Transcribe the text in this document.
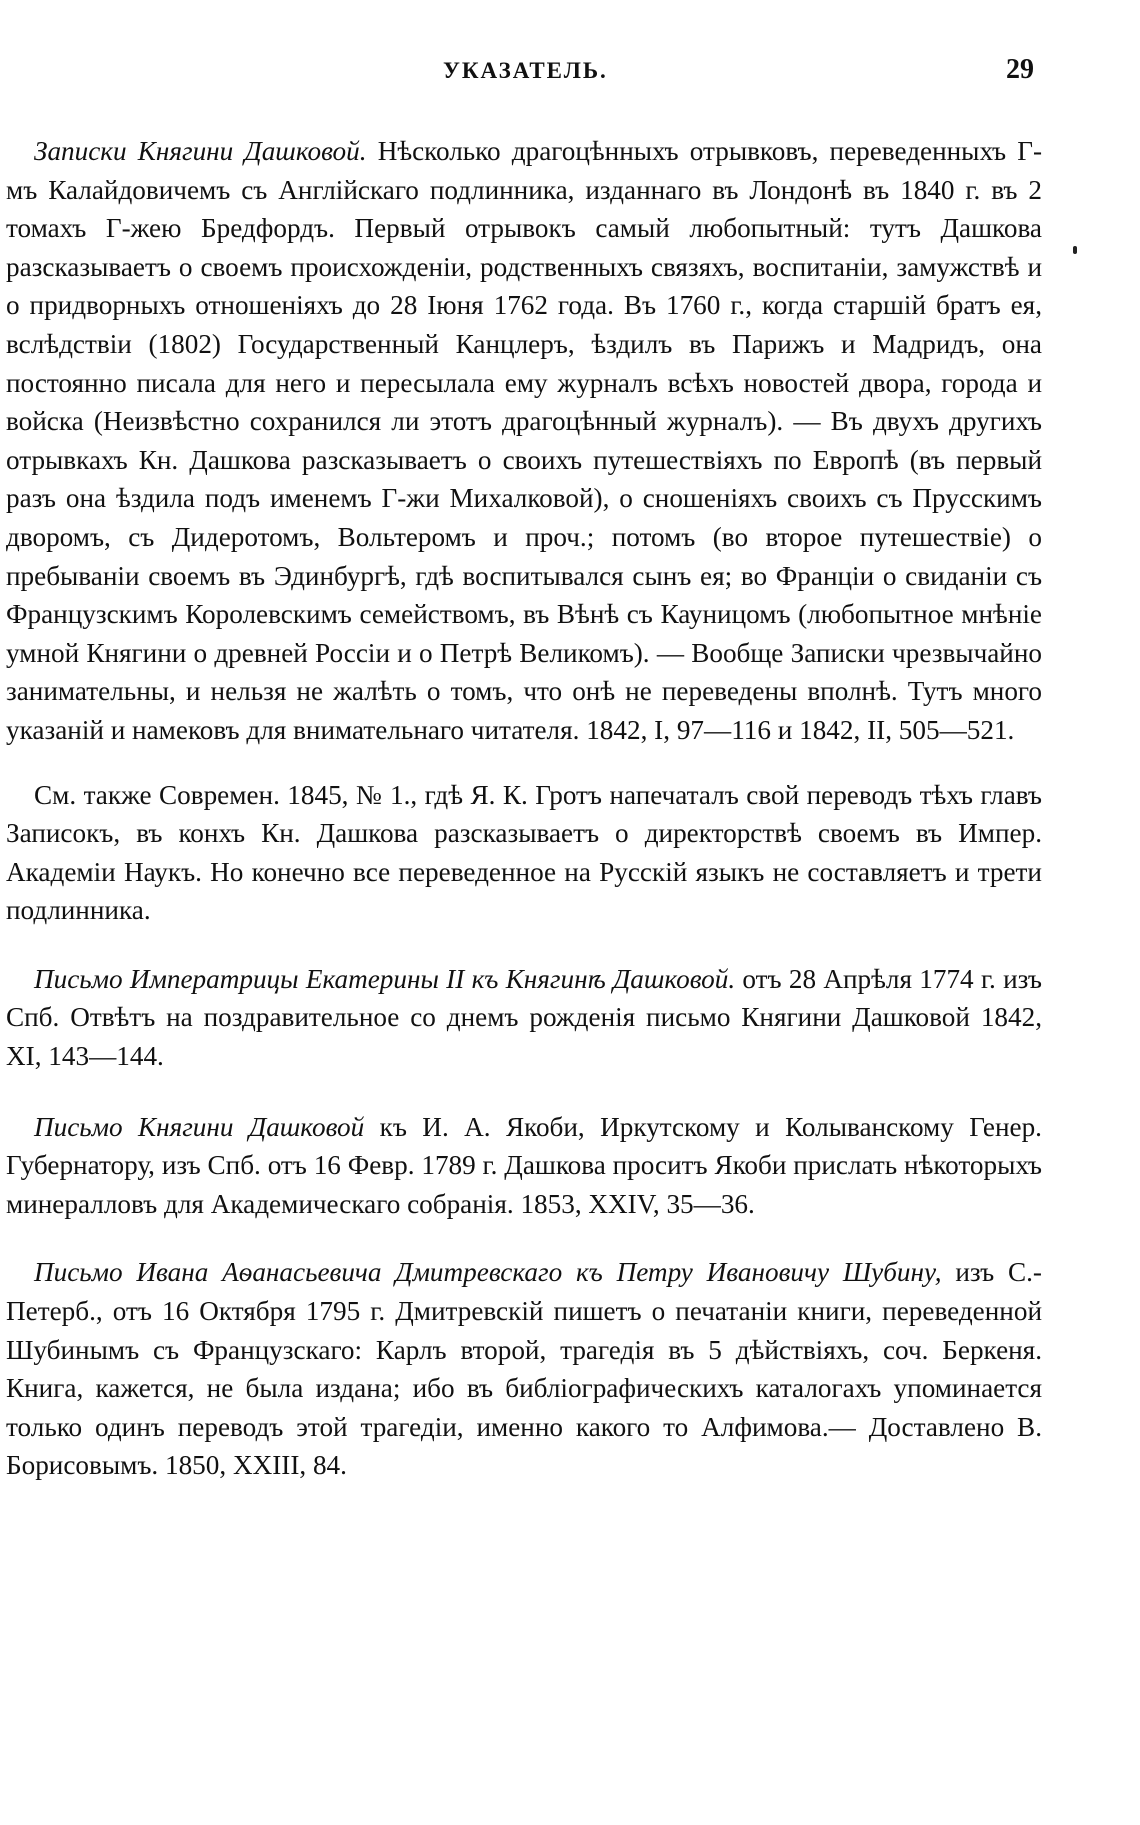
УКАЗАТЕЛЬ.	29

Записки Княгини Дашковой. Нѣсколько драгоцѣнныхъ отрывковъ, переведенныхъ Г-мъ Калайдовичемъ съ Англійскаго подлинника, изданнаго въ Лондонѣ въ 1840 г. въ 2 томахъ Г-жею Бредфордъ. Первый отрывокъ самый любопытный: тутъ Дашкова разсказываетъ о своемъ происхожденіи, родственныхъ связяхъ, воспитаніи, замужствѣ и о придворныхъ отношеніяхъ до 28 Іюня 1762 года. Въ 1760 г., когда старшій братъ ея, вслѣдствіи (1802) Государственный Канцлеръ, ѣздилъ въ Парижъ и Мадридъ, она постоянно писала для него и пересылала ему журналъ всѣхъ новостей двора, города и войска (Неизвѣстно сохранился ли этотъ драгоцѣнный журналъ). — Въ двухъ другихъ отрывкахъ Кн. Дашкова разсказываетъ о своихъ путешествіяхъ по Европѣ (въ первый разъ она ѣздила подъ именемъ Г-жи Михалковой), о сношеніяхъ своихъ съ Прусскимъ дворомъ, съ Дидеротомъ, Вольтеромъ и проч.; потомъ (во второе путешествіе) о пребываніи своемъ въ Эдинбургѣ, гдѣ воспитывался сынъ ея; во Франціи о свиданіи съ Французскимъ Королевскимъ семействомъ, въ Вѣнѣ съ Кауницомъ (любопытное мнѣніе умной Княгини о древней Россіи и о Петрѣ Великомъ). — Вообще Записки чрезвычайно занимательны, и нельзя не жалѣть о томъ, что онѣ не переведены вполнѣ. Тутъ много указаній и намековъ для внимательнаго читателя. 1842, I, 97—116 и 1842, II, 505—521.

См. также Современ. 1845, № 1., гдѣ Я. К. Гротъ напечаталъ свой переводъ тѣхъ главъ Записокъ, въ конхъ Кн. Дашкова разсказываетъ о директорствѣ своемъ въ Импер. Академіи Наукъ. Но конечно все переведенное на Русскій языкъ не составляетъ и трети подлинника.

Письмо Императрицы Екатерины II къ Княгинѣ Дашковой. отъ 28 Апрѣля 1774 г. изъ Спб. Отвѣтъ на поздравительное со днемъ рожденія письмо Княгини Дашковой 1842, XI, 143—144.

Письмо Княгини Дашковой къ И. А. Якоби, Иркутскому и Колыванскому Генер. Губернатору, изъ Спб. отъ 16 Февр. 1789 г. Дашкова проситъ Якоби прислать нѣкоторыхъ минералловъ для Академическаго собранія. 1853, XXIV, 35—36.

Письмо Ивана Аѳанасьевича Дмитревскаго къ Петру Ивановичу Шубину, изъ С.-Петерб., отъ 16 Октября 1795 г. Дмитревскій пишетъ о печатаніи книги, переведенной Шубинымъ съ Французскаго: Карлъ второй, трагедія въ 5 дѣйствіяхъ, соч. Беркеня. Книга, кажется, не была издана; ибо въ библіографическихъ каталогахъ упоминается только одинъ переводъ этой трагедіи, именно какого то Алфимова.— Доставлено В. Борисовымъ. 1850, XXIII, 84.
